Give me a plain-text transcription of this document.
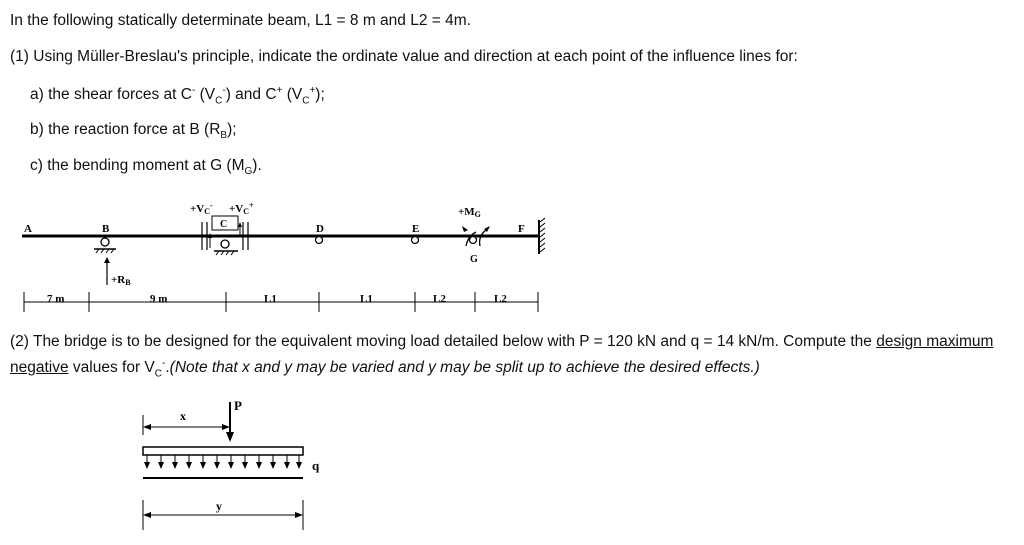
In the following statically determinate beam, L1 = 8 m and L2 = 4m.
(1) Using Müller-Breslau's principle, indicate the ordinate value and direction at each point of the influence lines for:
a) the shear forces at C- $(V_C^-)$ and C+ $(V_C^+)$;
b) the reaction force at B $(R_B)$;
c) the bending moment at G $(M_G)$.
(2) The bridge is to be designed for the equivalent moving load detailed below with P = 120 kN and q = 14 kN/m. Compute the design maximum
negative values for $V_C^-.(Note$ that x and y may be varied and y may be split up to achieve the desired effects.)
A	B	D	E	F
+RB
+VC- +VC+
C
+MG
G
7 m	9 m	L1	L1	L2	L2
x
P
q
y
